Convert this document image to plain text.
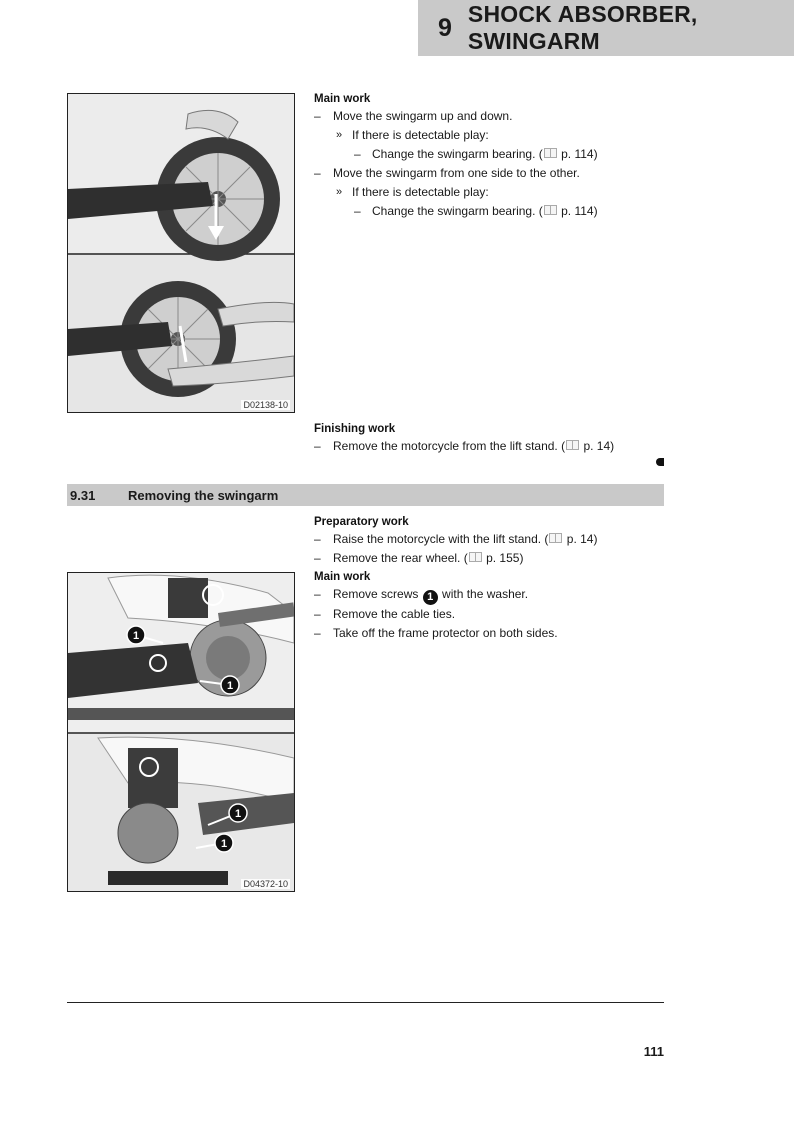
9 SHOCK ABSORBER, SWINGARM
D02138-10
Main work
– Move the swingarm up and down.
» If there is detectable play:
– Change the swingarm bearing. ( p. 114)
– Move the swingarm from one side to the other.
» If there is detectable play:
– Change the swingarm bearing. ( p. 114)
Finishing work
– Remove the motorcycle from the lift stand. ( p. 14)
9.31	Removing the swingarm
Preparatory work
– Raise the motorcycle with the lift stand. ( p. 14)
– Remove the rear wheel. ( p. 155)
1
1
1
1
D04372-10
Main work
– Remove screws 1 with the washer.
– Remove the cable ties.
– Take off the frame protector on both sides.
111
